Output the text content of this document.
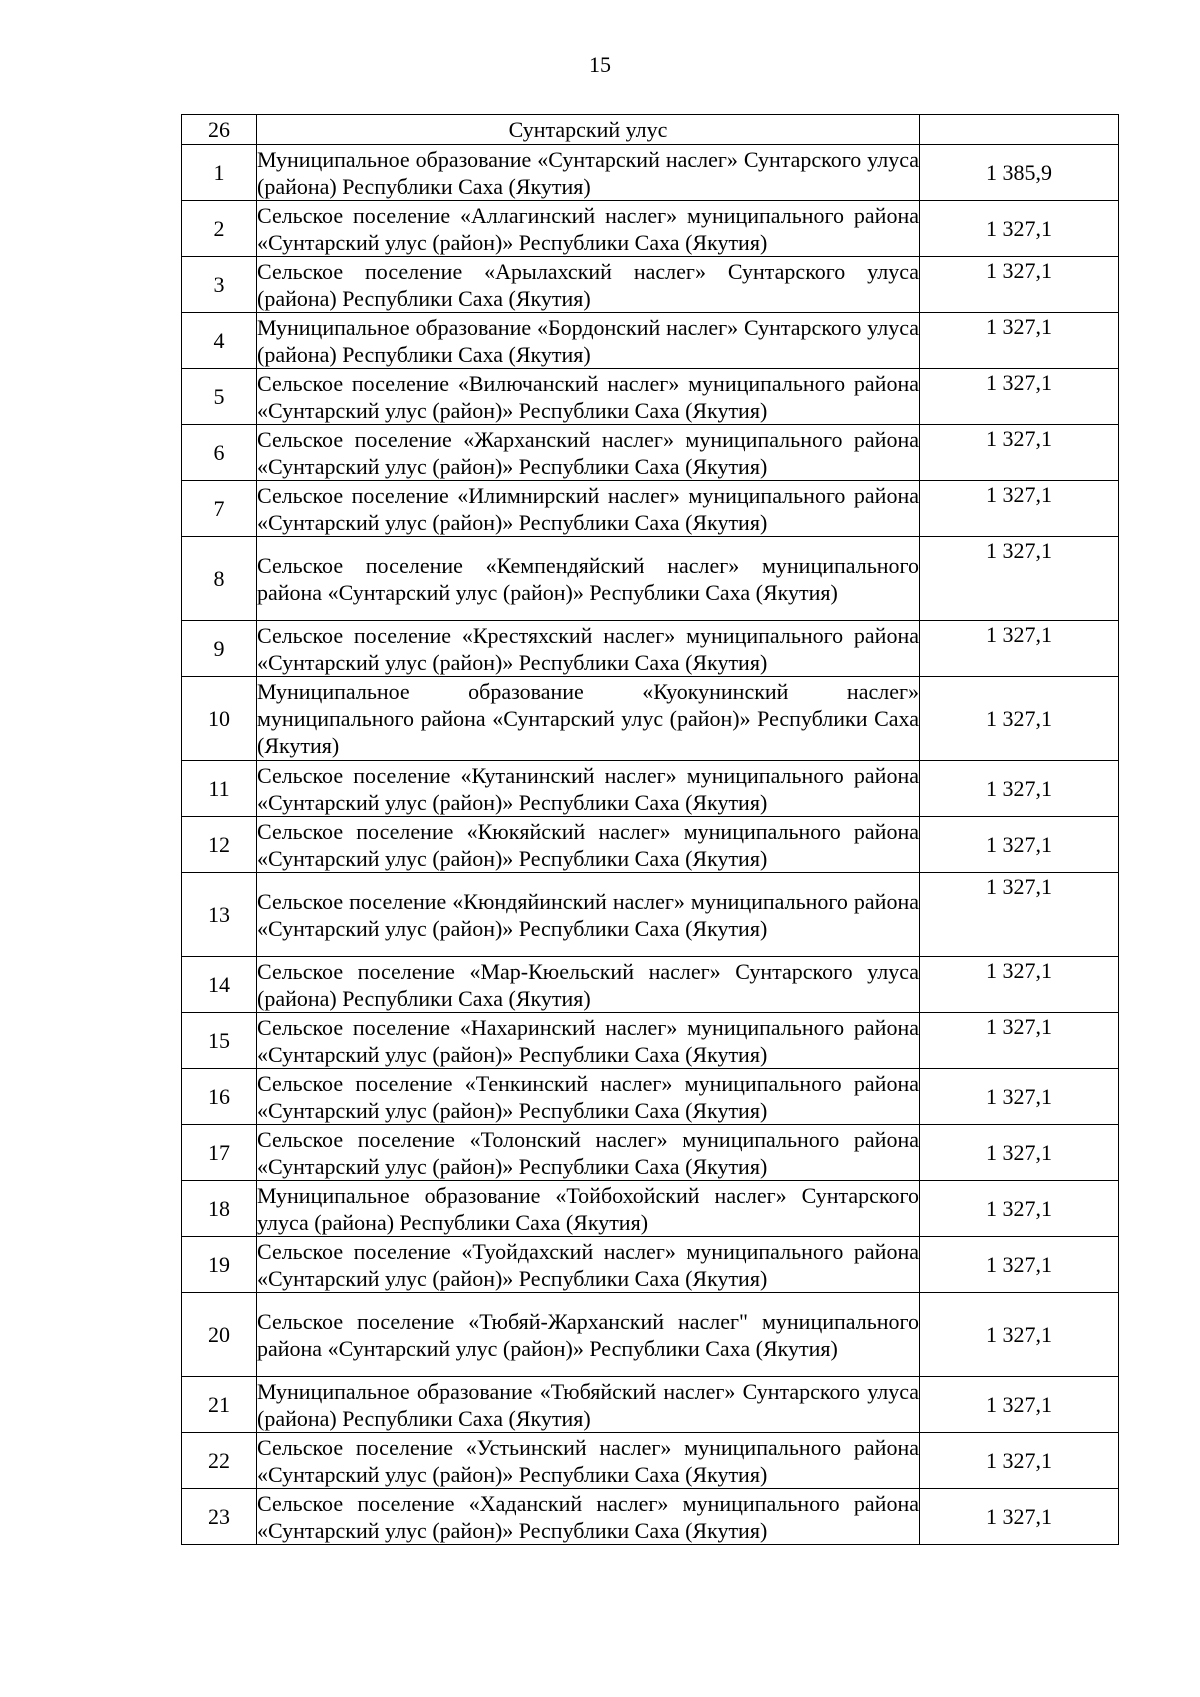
15
26	Сунтарский улус	
1	Муниципальное образование «Сунтарский наслег» Сунтарского улуса (района) Республики Саха (Якутия)	1 385,9
2	Сельское поселение «Аллагинский наслег» муниципального района «Сунтарский улус (район)» Республики Саха (Якутия)	1 327,1
3	Сельское поселение «Арылахский наслег» Сунтарского улуса (района) Республики Саха (Якутия)	1 327,1
4	Муниципальное образование «Бордонский наслег» Сунтарского улуса (района) Республики Саха (Якутия)	1 327,1
5	Сельское поселение «Вилючанский наслег» муниципального района «Сунтарский улус (район)» Республики Саха (Якутия)	1 327,1
6	Сельское поселение «Жарханский наслег» муниципального района «Сунтарский улус (район)» Республики Саха (Якутия)	1 327,1
7	Сельское поселение «Илимнирский наслег» муниципального района «Сунтарский улус (район)» Республики Саха (Якутия)	1 327,1
8	Сельское поселение «Кемпендяйский наслег» муниципального района «Сунтарский улус (район)» Республики Саха (Якутия)	1 327,1
9	Сельское поселение «Крестяхский наслег» муниципального района «Сунтарский улус (район)» Республики Саха (Якутия)	1 327,1
10	Муниципальное образование «Куокунинский наслег» муниципального района «Сунтарский улус (район)» Республики Саха (Якутия)	1 327,1
11	Сельское поселение «Кутанинский наслег» муниципального района «Сунтарский улус (район)» Республики Саха (Якутия)	1 327,1
12	Сельское поселение «Кюкяйский наслег» муниципального района «Сунтарский улус (район)» Республики Саха (Якутия)	1 327,1
13	Сельское поселение «Кюндяйинский наслег» муниципального района «Сунтарский улус (район)» Республики Саха (Якутия)	1 327,1
14	Сельское поселение «Мар-Кюельский наслег» Сунтарского улуса (района) Республики Саха (Якутия)	1 327,1
15	Сельское поселение «Нахаринский наслег» муниципального района «Сунтарский улус (район)» Республики Саха (Якутия)	1 327,1
16	Сельское поселение «Тенкинский наслег» муниципального района «Сунтарский улус (район)» Республики Саха (Якутия)	1 327,1
17	Сельское поселение «Толонский наслег» муниципального района «Сунтарский улус (район)» Республики Саха (Якутия)	1 327,1
18	Муниципальное образование «Тойбохойский наслег» Сунтарского улуса (района) Республики Саха (Якутия)	1 327,1
19	Сельское поселение «Туойдахский наслег» муниципального района «Сунтарский улус (район)» Республики Саха (Якутия)	1 327,1
20	Сельское поселение «Тюбяй-Жарханский наслег" муниципального района «Сунтарский улус (район)» Республики Саха (Якутия)	1 327,1
21	Муниципальное образование «Тюбяйский наслег» Сунтарского улуса (района) Республики Саха (Якутия)	1 327,1
22	Сельское поселение «Устьинский наслег» муниципального района «Сунтарский улус (район)» Республики Саха (Якутия)	1 327,1
23	Сельское поселение «Хаданский наслег» муниципального района «Сунтарский улус (район)» Республики Саха (Якутия)	1 327,1
